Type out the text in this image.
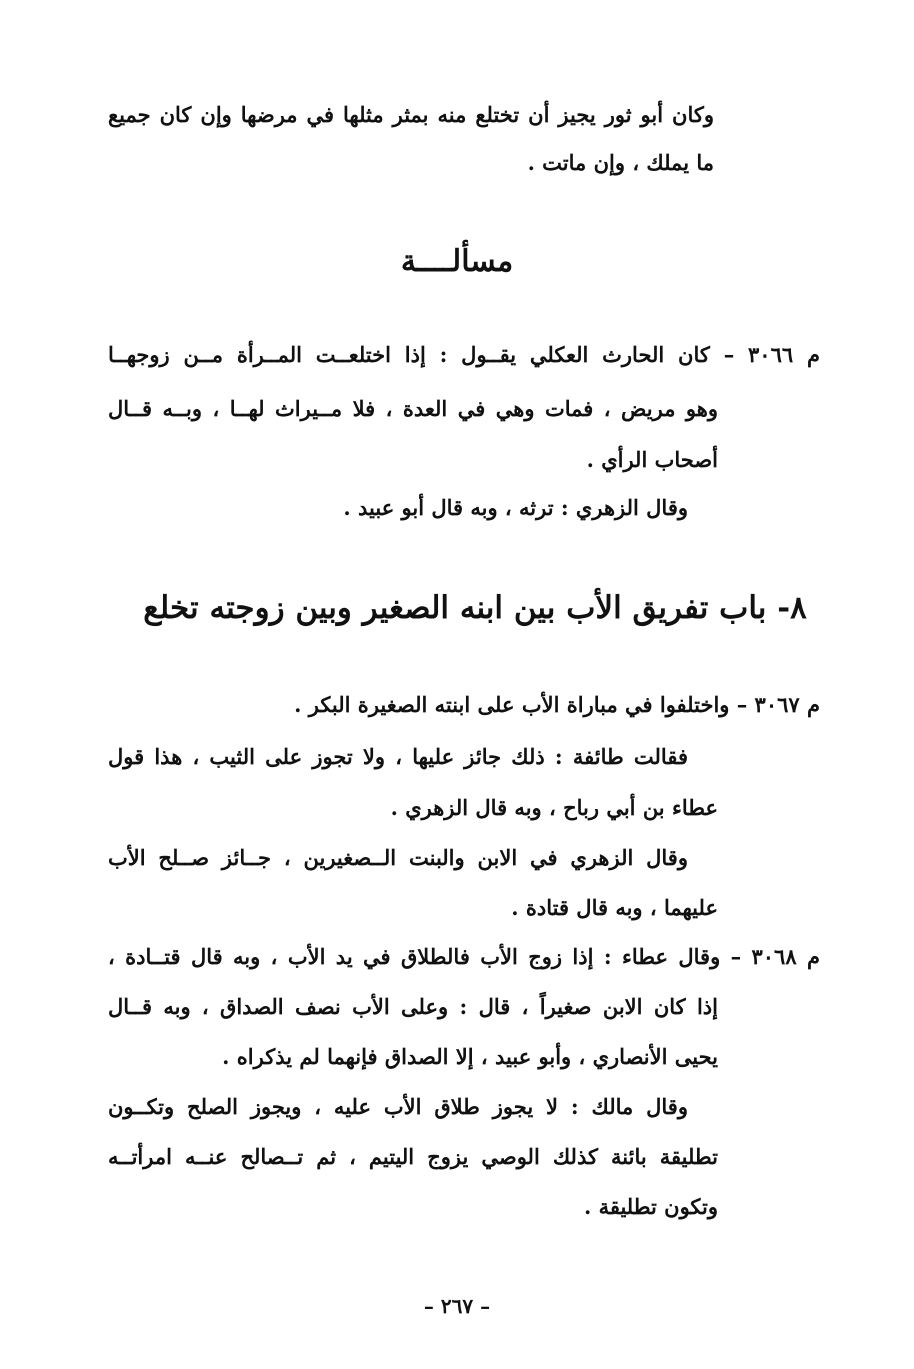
وكان أبو ثور يجيز أن تختلع منه بمثر مثلها في مرضها وإن كان جميع
ما يملك ، وإن ماتت .
مسألــــة
م ٣٠٦٦ – كان الحارث العكلي يقــول : إذا اختلعــت المــرأة مــن زوجهــا
وهو مريض ، فمات وهي في العدة ، فلا مــيراث لهــا ، وبــه قــال
أصحاب الرأي .
وقال الزهري : ترثه ، وبه قال أبو عبيد .
٨- باب تفريق الأب بين ابنه الصغير وبين زوجته تخلع
م ٣٠٦٧ – واختلفوا في مباراة الأب على ابنته الصغيرة البكر .
فقالت طائفة : ذلك جائز عليها ، ولا تجوز على الثيب ، هذا قول
عطاء بن أبي رباح ، وبه قال الزهري .
وقال الزهري في الابن والبنت الــصغيرين ، جــائز صــلح الأب
عليهما ، وبه قال قتادة .
م ٣٠٦٨ – وقال عطاء : إذا زوج الأب فالطلاق في يد الأب ، وبه قال قتــادة ،
إذا كان الابن صغيراً ، قال : وعلى الأب نصف الصداق ، وبه قــال
يحيى الأنصاري ، وأبو عبيد ، إلا الصداق فإنهما لم يذكراه .
وقال مالك : لا يجوز طلاق الأب عليه ، ويجوز الصلح وتكــون
تطليقة بائنة كذلك الوصي يزوج اليتيم ، ثم تــصالح عنــه امرأتــه
وتكون تطليقة .
– ٢٦٧ –
